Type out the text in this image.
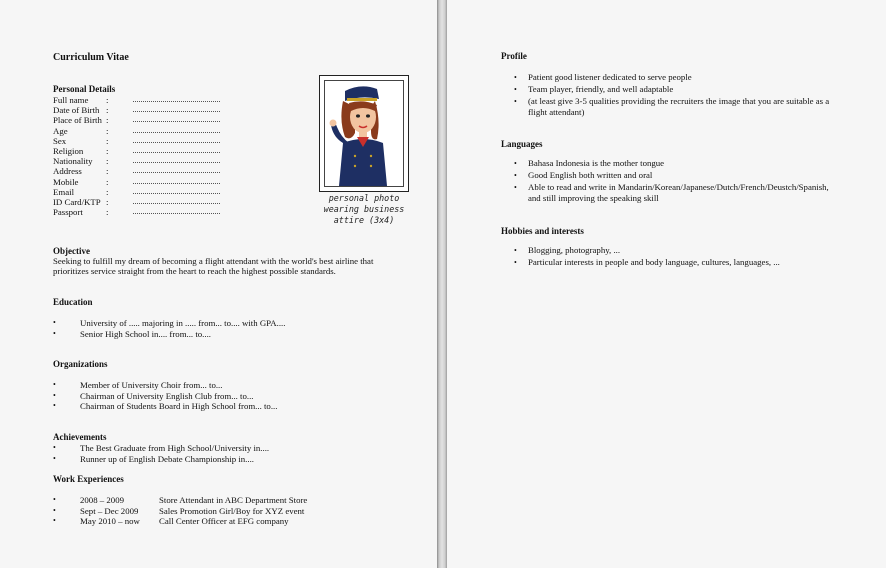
Curriculum Vitae
Personal Details
Full name :
Date of Birth :
Place of Birth :
Age	:
Sex	:
Religion	:
Nationality :
Address	:
Mobile	:
Email	:
ID Card/KTP :
Passport	:
personal photo
wearing business
attire (3x4)
Objective
Seeking to fulfill my dream of becoming a flight attendant with the world's best airline that
prioritizes service straight from the heart to reach the highest possible standards.
Education
• University of ..... majoring in ..... from... to.... with GPA....
• Senior High School in.... from... to....
Organizations
• Member of University Choir from... to...
• Chairman of University English Club from... to...
• Chairman of Students Board in High School from... to...
Achievements
• The Best Graduate from High School/University in....
• Runner up of English Debate Championship in....
Work Experiences
• 2008 – 2009	Store Attendant in ABC Department Store
• Sept – Dec 2009 Sales Promotion Girl/Boy for XYZ event
• May 2010 – now Call Center Officer at EFG company
Profile
• Patient good listener dedicated to serve people
• Team player, friendly, and well adaptable
• (at least give 3-5 qualities providing the recruiters the image that you are suitable as a
flight attendant)
Languages
• Bahasa Indonesia is the mother tongue
• Good English both written and oral
• Able to read and write in Mandarin/Korean/Japanese/Dutch/French/Deustch/Spanish,
and still improving the speaking skill
Hobbies and interests
• Blogging, photography, ...
• Particular interests in people and body language, cultures, languages, ...
